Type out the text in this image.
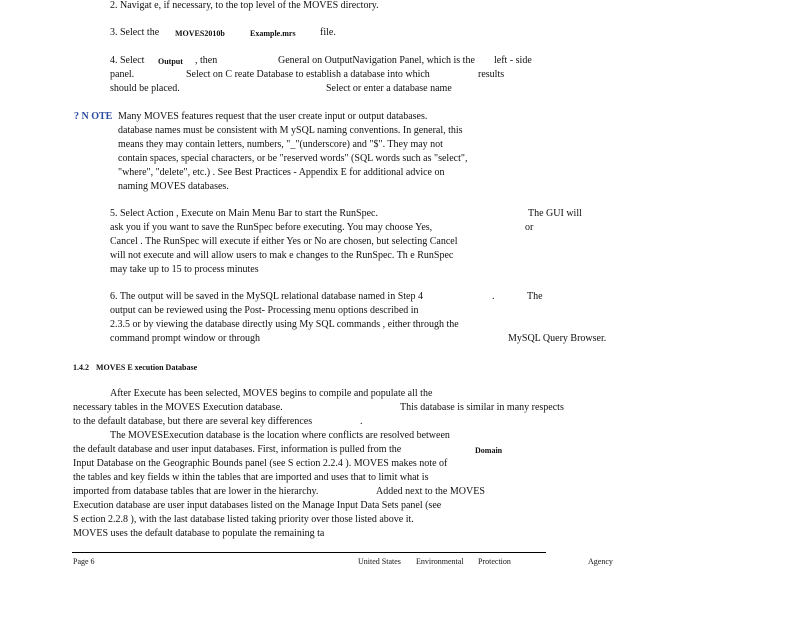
2. Navigat e, if necessary, to the top level of the MOVES directory.
3. Select the MOVES2010b	Example.mrs file.
4. Select Output , then	General on OutputNavigation Panel, which is the left - side
panel.	Select on C reate Database to establish a database into which	results
should be placed.	Select or enter a database name
? N OTE Many MOVES features request that the user create input or output databases.
database names must be consistent with M ySQL naming conventions. In general, this
means they may contain letters, numbers, "_"(underscore) and "$". They may not
contain spaces, special characters, or be "reserved words" (SQL words such as "select",
"where", "delete", etc.) . See Best Practices - Appendix E for additional advice on
naming MOVES databases.
5. Select Action , Execute on Main Menu Bar to start the RunSpec.	The GUI will
ask you if you want to save the RunSpec before executing. You may choose Yes,	or
Cancel . The RunSpec will execute if either Yes or No are chosen, but selecting Cancel
will not execute and will allow users to mak e changes to the RunSpec. Th e RunSpec
may take up to 15 to process minutes
6. The output will be saved in the MySQL relational database named in Step 4	.	The
output can be reviewed using the Post- Processing menu options described in
2.3.5 or by viewing the database directly using My SQL commands , either through the
command prompt window or through	MySQL Query Browser.
1.4.2 MOVES E xecution Database
After Execute has been selected, MOVES begins to compile and populate all the
necessary tables in the MOVES Execution database.	This database is similar in many respects
to the default database, but there are several key differences	.
The MOVESExecution database is the location where conflicts are resolved between
the default database and user input databases. First, information is pulled from the	Domain
Input Database on the Geographic Bounds panel (see S ection 2.2.4 ). MOVES makes note of
the tables and key fields w ithin the tables that are imported and uses that to limit what is
imported from database tables that are lower in the hierarchy.	Added next to the MOVES
Execution database are user input databases listed on the Manage Input Data Sets panel (see
S ection 2.2.8 ), with the last database listed taking priority over those listed above it.
MOVES uses the default database to populate the remaining ta
Page 6	United States Environmental Protection	Agency
